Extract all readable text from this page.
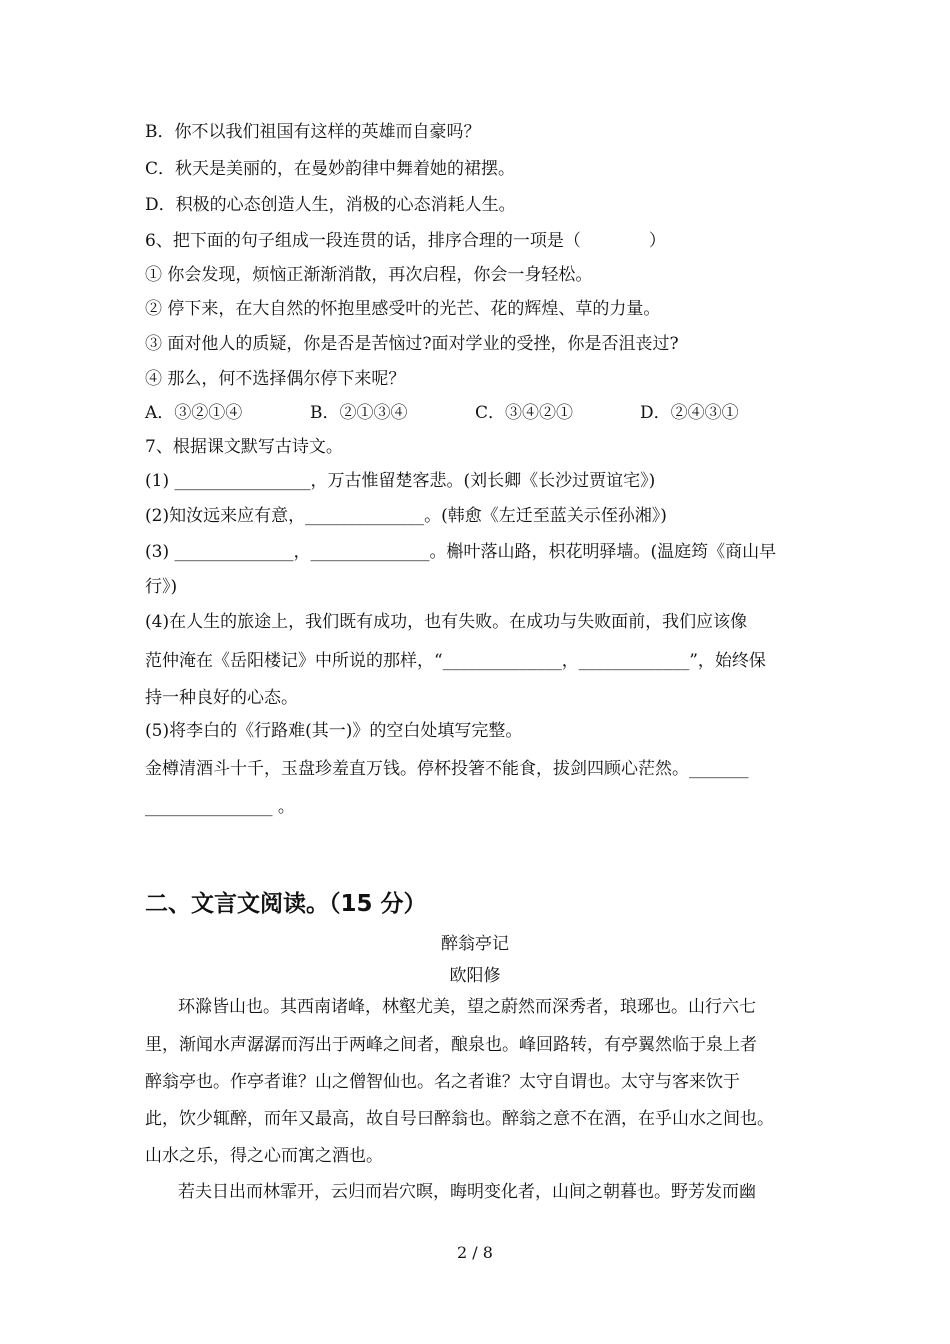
B．你不以我们祖国有这样的英雄而自豪吗？
C．秋天是美丽的，在曼妙韵律中舞着她的裙摆。
D．积极的心态创造人生，消极的心态消耗人生。
6、把下面的句子组成一段连贯的话，排序合理的一项是（　　　　）
① 你会发现，烦恼正渐渐消散，再次启程，你会一身轻松。
② 停下来，在大自然的怀抱里感受叶的光芒、花的辉煌、草的力量。
③ 面对他人的质疑，你是否是苦恼过?面对学业的受挫，你是否沮丧过?
④ 那么，何不选择偶尔停下来呢？
A．③②①④	B．②①③④	C．③④②①	D．②④③①
7、根据课文默写古诗文。
(1) ________________，万古惟留楚客悲。(刘长卿《长沙过贾谊宅》)
(2)知汝远来应有意，______________。(韩愈《左迁至蓝关示侄孙湘》)
(3) ______________，______________。槲叶落山路，枳花明驿墙。(温庭筠《商山早
行》)
(4)在人生的旅途上，我们既有成功，也有失败。在成功与失败面前，我们应该像
范仲淹在《岳阳楼记》中所说的那样，“______________，_____________”，始终保
持一种良好的心态。
(5)将李白的《行路难(其一)》的空白处填写完整。
金樽清酒斗十千，玉盘珍羞直万钱。停杯投箸不能食，拔剑四顾心茫然。_______
_______________ 。
二、文言文阅读。（15 分）
醉翁亭记
欧阳修
环滁皆山也。其西南诸峰，林壑尤美，望之蔚然而深秀者，琅琊也。山行六七
里，渐闻水声潺潺而泻出于两峰之间者，酿泉也。峰回路转，有亭翼然临于泉上者
醉翁亭也。作亭者谁？山之僧智仙也。名之者谁？太守自谓也。太守与客来饮于
此，饮少辄醉，而年又最高，故自号曰醉翁也。醉翁之意不在酒，在乎山水之间也。
山水之乐，得之心而寓之酒也。
若夫日出而林霏开，云归而岩穴暝，晦明变化者，山间之朝暮也。野芳发而幽
2 / 8
